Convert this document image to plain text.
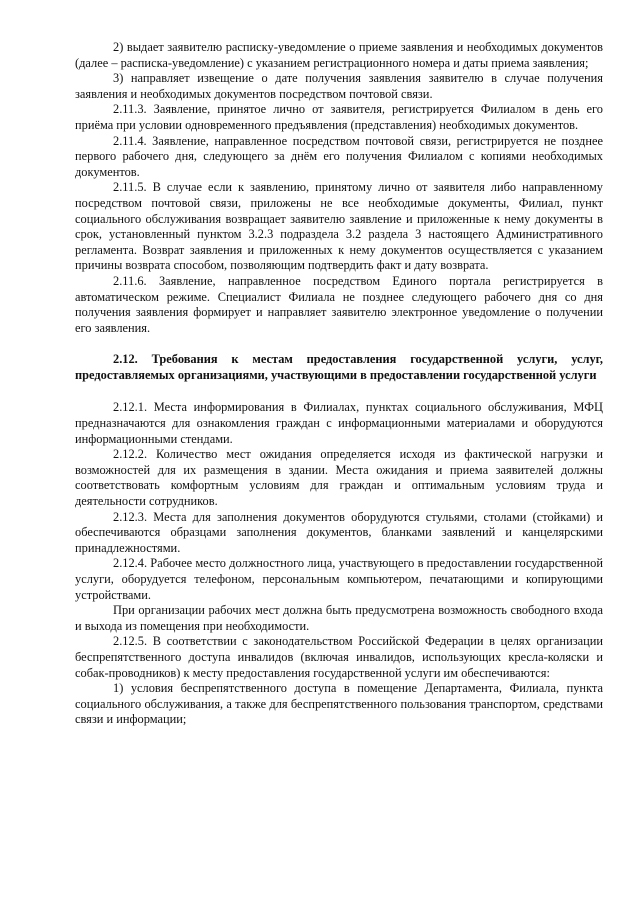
2) выдает заявителю расписку-уведомление о приеме заявления и необходимых документов (далее – расписка-уведомление) с указанием регистрационного номера и даты приема заявления;

3) направляет извещение о дате получения заявления заявителю в случае получения заявления и необходимых документов посредством почтовой связи.

2.11.3. Заявление, принятое лично от заявителя, регистрируется Филиалом в день его приёма при условии одновременного предъявления (представления) необходимых документов.

2.11.4. Заявление, направленное посредством почтовой связи, регистрируется не позднее первого рабочего дня, следующего за днём его получения Филиалом с копиями необходимых документов.

2.11.5. В случае если к заявлению, принятому лично от заявителя либо направленному посредством почтовой связи, приложены не все необходимые документы, Филиал, пункт социального обслуживания возвращает заявителю заявление и приложенные к нему документы в срок, установленный пунктом 3.2.3 подраздела 3.2 раздела 3 настоящего Административного регламента. Возврат заявления и приложенных к нему документов осуществляется с указанием причины возврата способом, позволяющим подтвердить факт и дату возврата.

2.11.6. Заявление, направленное посредством Единого портала регистрируется в автоматическом режиме. Специалист Филиала не позднее следующего рабочего дня со дня получения заявления формирует и направляет заявителю электронное уведомление о получении его заявления.

2.12. Требования к местам предоставления государственной услуги, услуг, предоставляемых организациями, участвующими в предоставлении государственной услуги

2.12.1. Места информирования в Филиалах, пунктах социального обслуживания, МФЦ предназначаются для ознакомления граждан с информационными материалами и оборудуются информационными стендами.

2.12.2. Количество мест ожидания определяется исходя из фактической нагрузки и возможностей для их размещения в здании. Места ожидания и приема заявителей должны соответствовать комфортным условиям для граждан и оптимальным условиям труда и деятельности сотрудников.

2.12.3. Места для заполнения документов оборудуются стульями, столами (стойками) и обеспечиваются образцами заполнения документов, бланками заявлений и канцелярскими принадлежностями.

2.12.4. Рабочее место должностного лица, участвующего в предоставлении государственной услуги, оборудуется телефоном, персональным компьютером, печатающими и копирующими устройствами.

При организации рабочих мест должна быть предусмотрена возможность свободного входа и выхода из помещения при необходимости.

2.12.5. В соответствии с законодательством Российской Федерации в целях организации беспрепятственного доступа инвалидов (включая инвалидов, использующих кресла-коляски и собак-проводников) к месту предоставления государственной услуги им обеспечиваются:

1) условия беспрепятственного доступа в помещение Департамента, Филиала, пункта социального обслуживания, а также для беспрепятственного пользования транспортом, средствами связи и информации;
